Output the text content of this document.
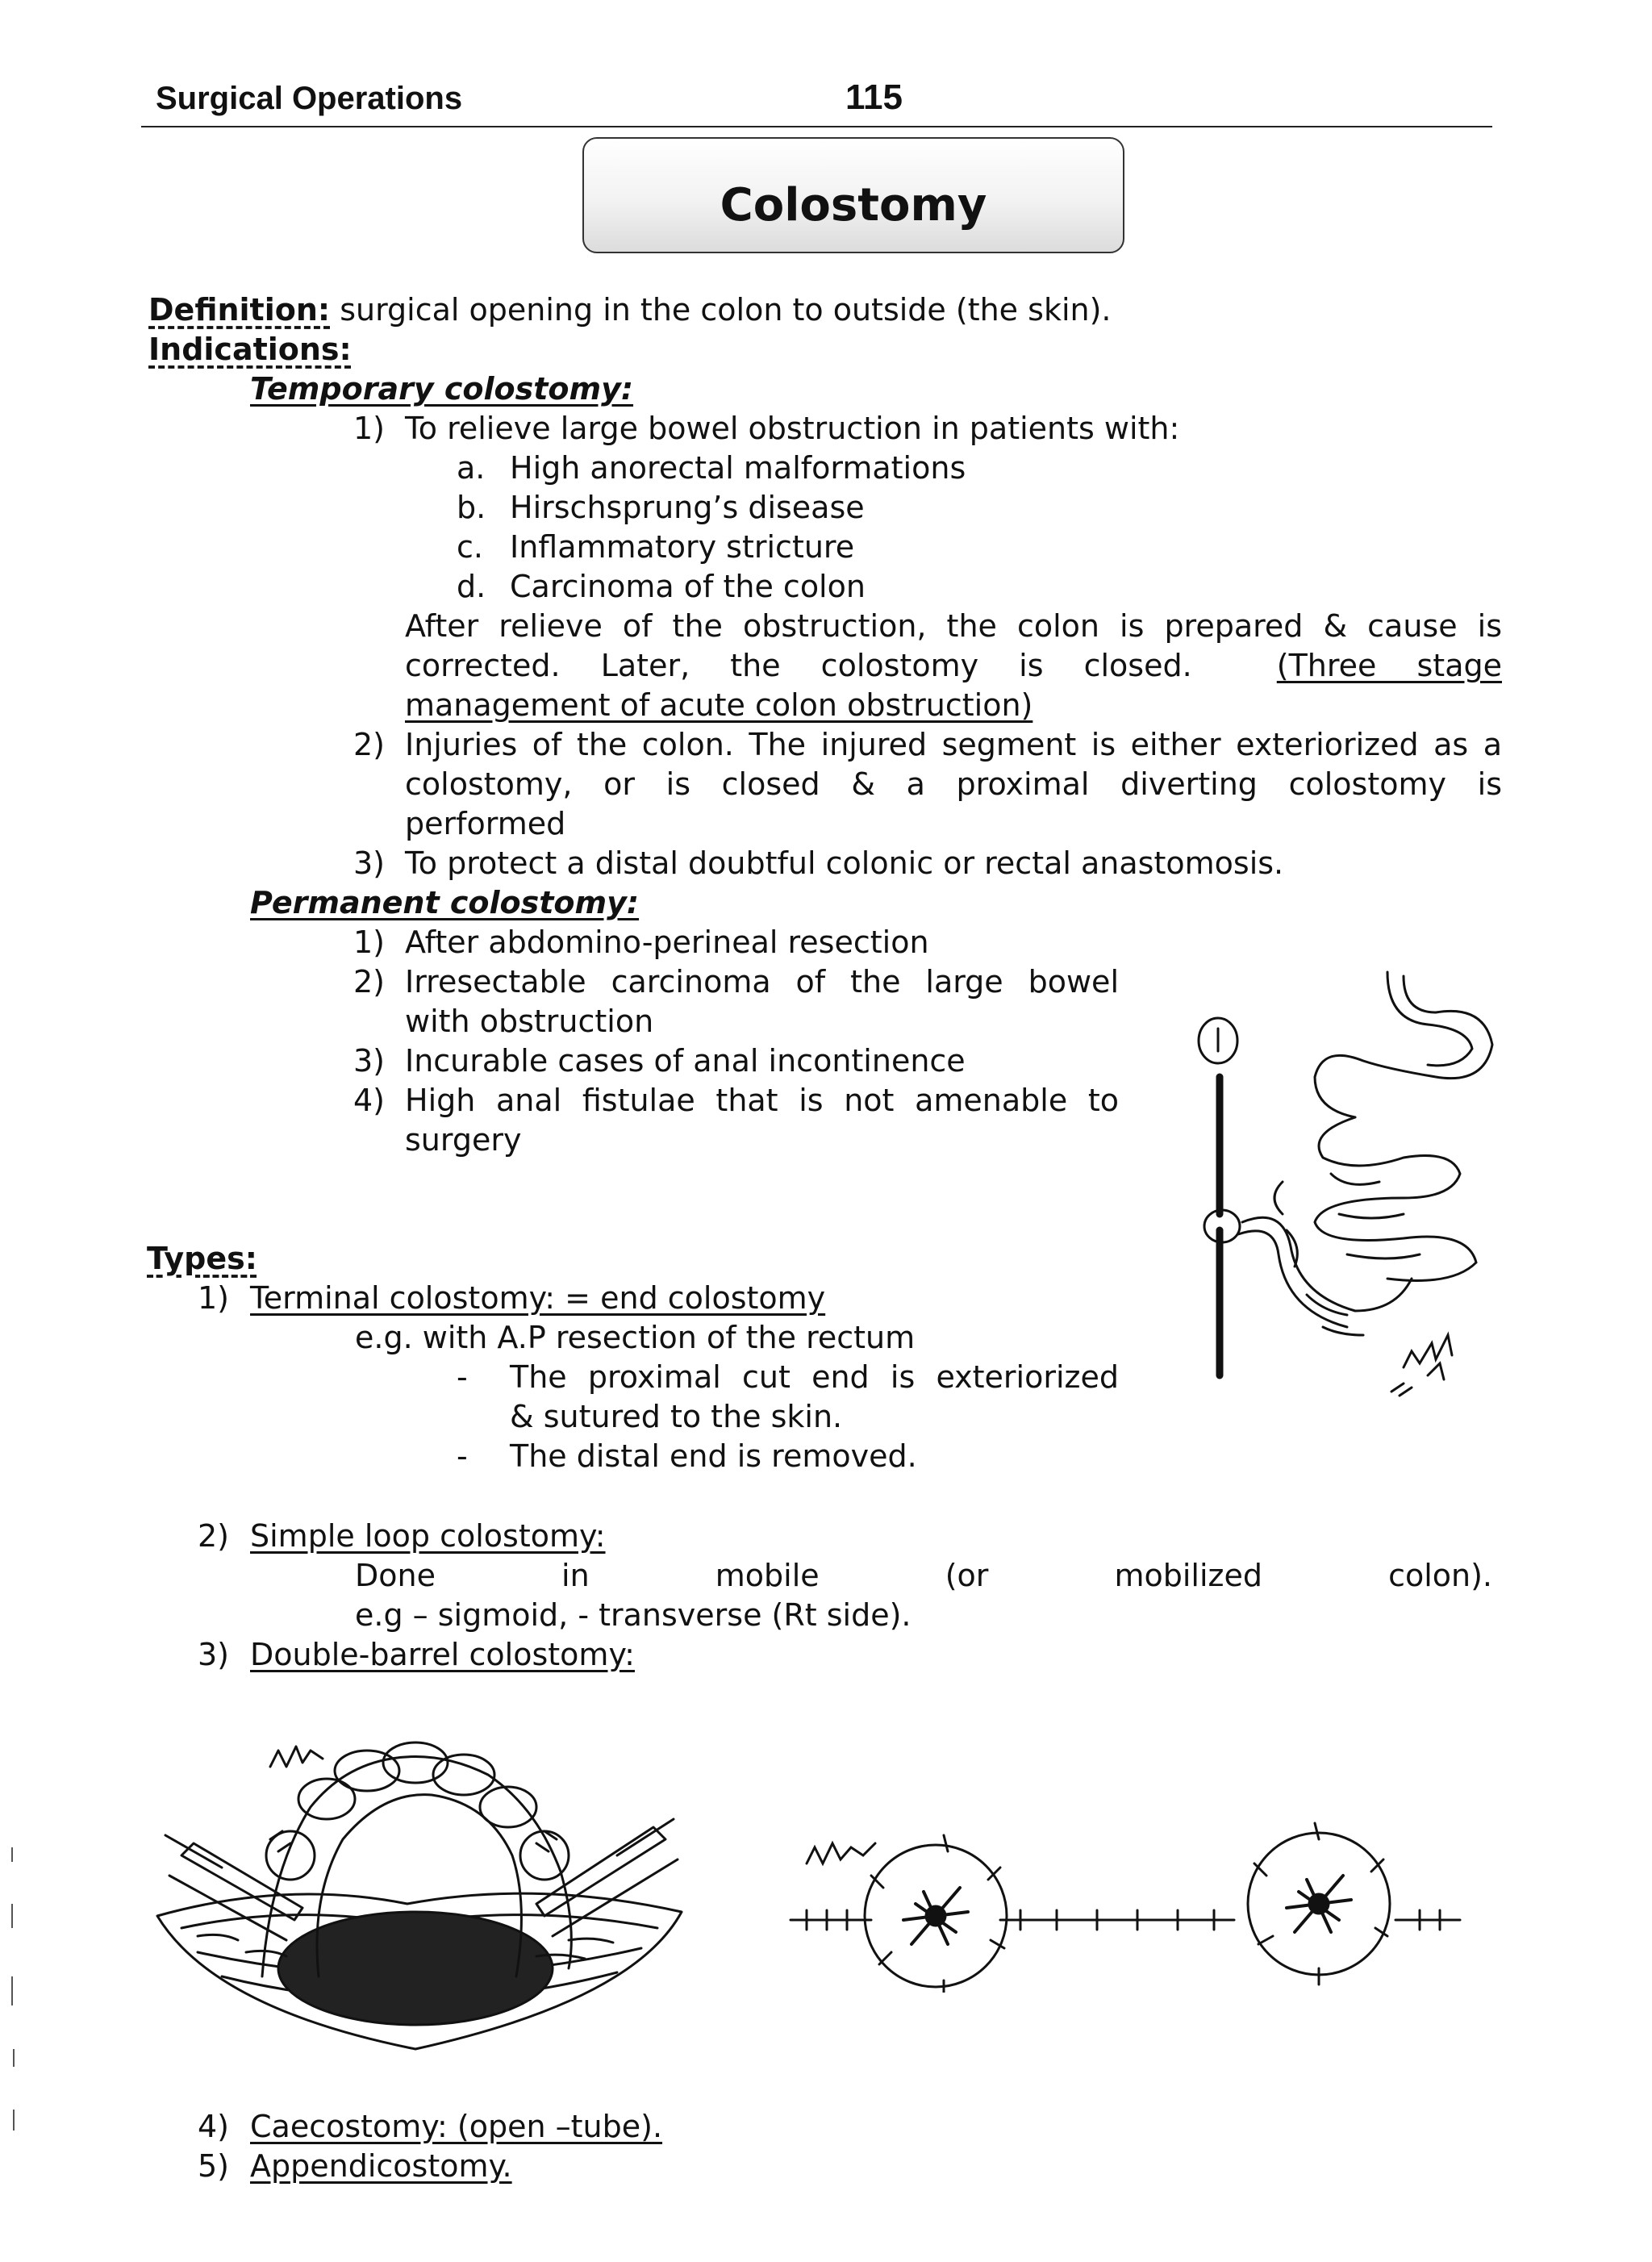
Surgical Operations	115
Colostomy
Definition: surgical opening in the colon to outside (the skin).
Indications:
Temporary colostomy:
1) To relieve large bowel obstruction in patients with:
a. High anorectal malformations
b. Hirschsprung’s disease
c. Inflammatory stricture
d. Carcinoma of the colon
After relieve of the obstruction, the colon is prepared & cause is
corrected. Later, the colostomy is closed.	(Three stage
management of acute colon obstruction)
2) Injuries of the colon. The injured segment is either exteriorized as a
colostomy, or is closed & a proximal diverting colostomy is
performed
3) To protect a distal doubtful colonic or rectal anastomosis.
Permanent colostomy:
1) After abdomino-perineal resection
2) Irresectable carcinoma of the large bowel
with obstruction
3) Incurable cases of anal incontinence
4) High anal fistulae that is not amenable to
surgery
Types:
1) Terminal colostomy: = end colostomy
e.g. with A.P resection of the rectum
- The proximal cut end is exteriorized
& sutured to the skin.
- The distal end is removed.
2) Simple loop colostomy:
Done in mobile (or mobilized colon).
e.g – sigmoid, - transverse (Rt side).
3) Double-barrel colostomy:
4) Caecostomy: (open –tube).
5) Appendicostomy.
